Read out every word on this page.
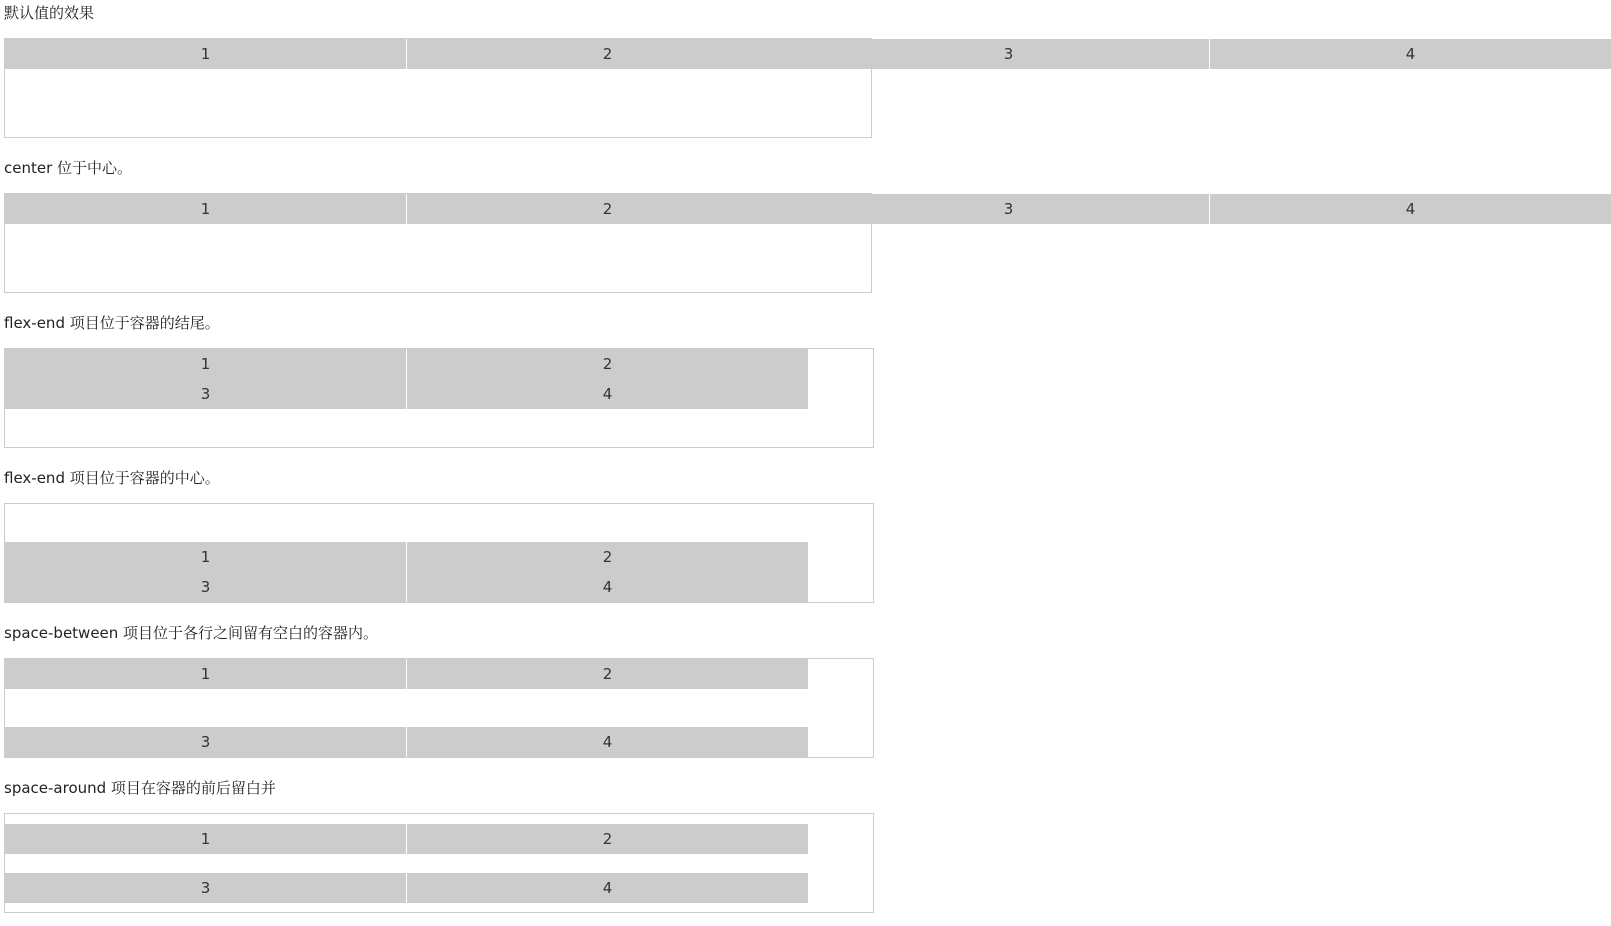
默认值的效果
1	2	3	4
center 位于中心。
1	2	3	4
flex-end 项目位于容器的结尾。
1	2
3	4
flex-end 项目位于容器的中心。
1	2
3	4
space-between 项目位于各行之间留有空白的容器内。
1	2
3	4
space-around 项目在容器的前后留白并
1	2
3	4
